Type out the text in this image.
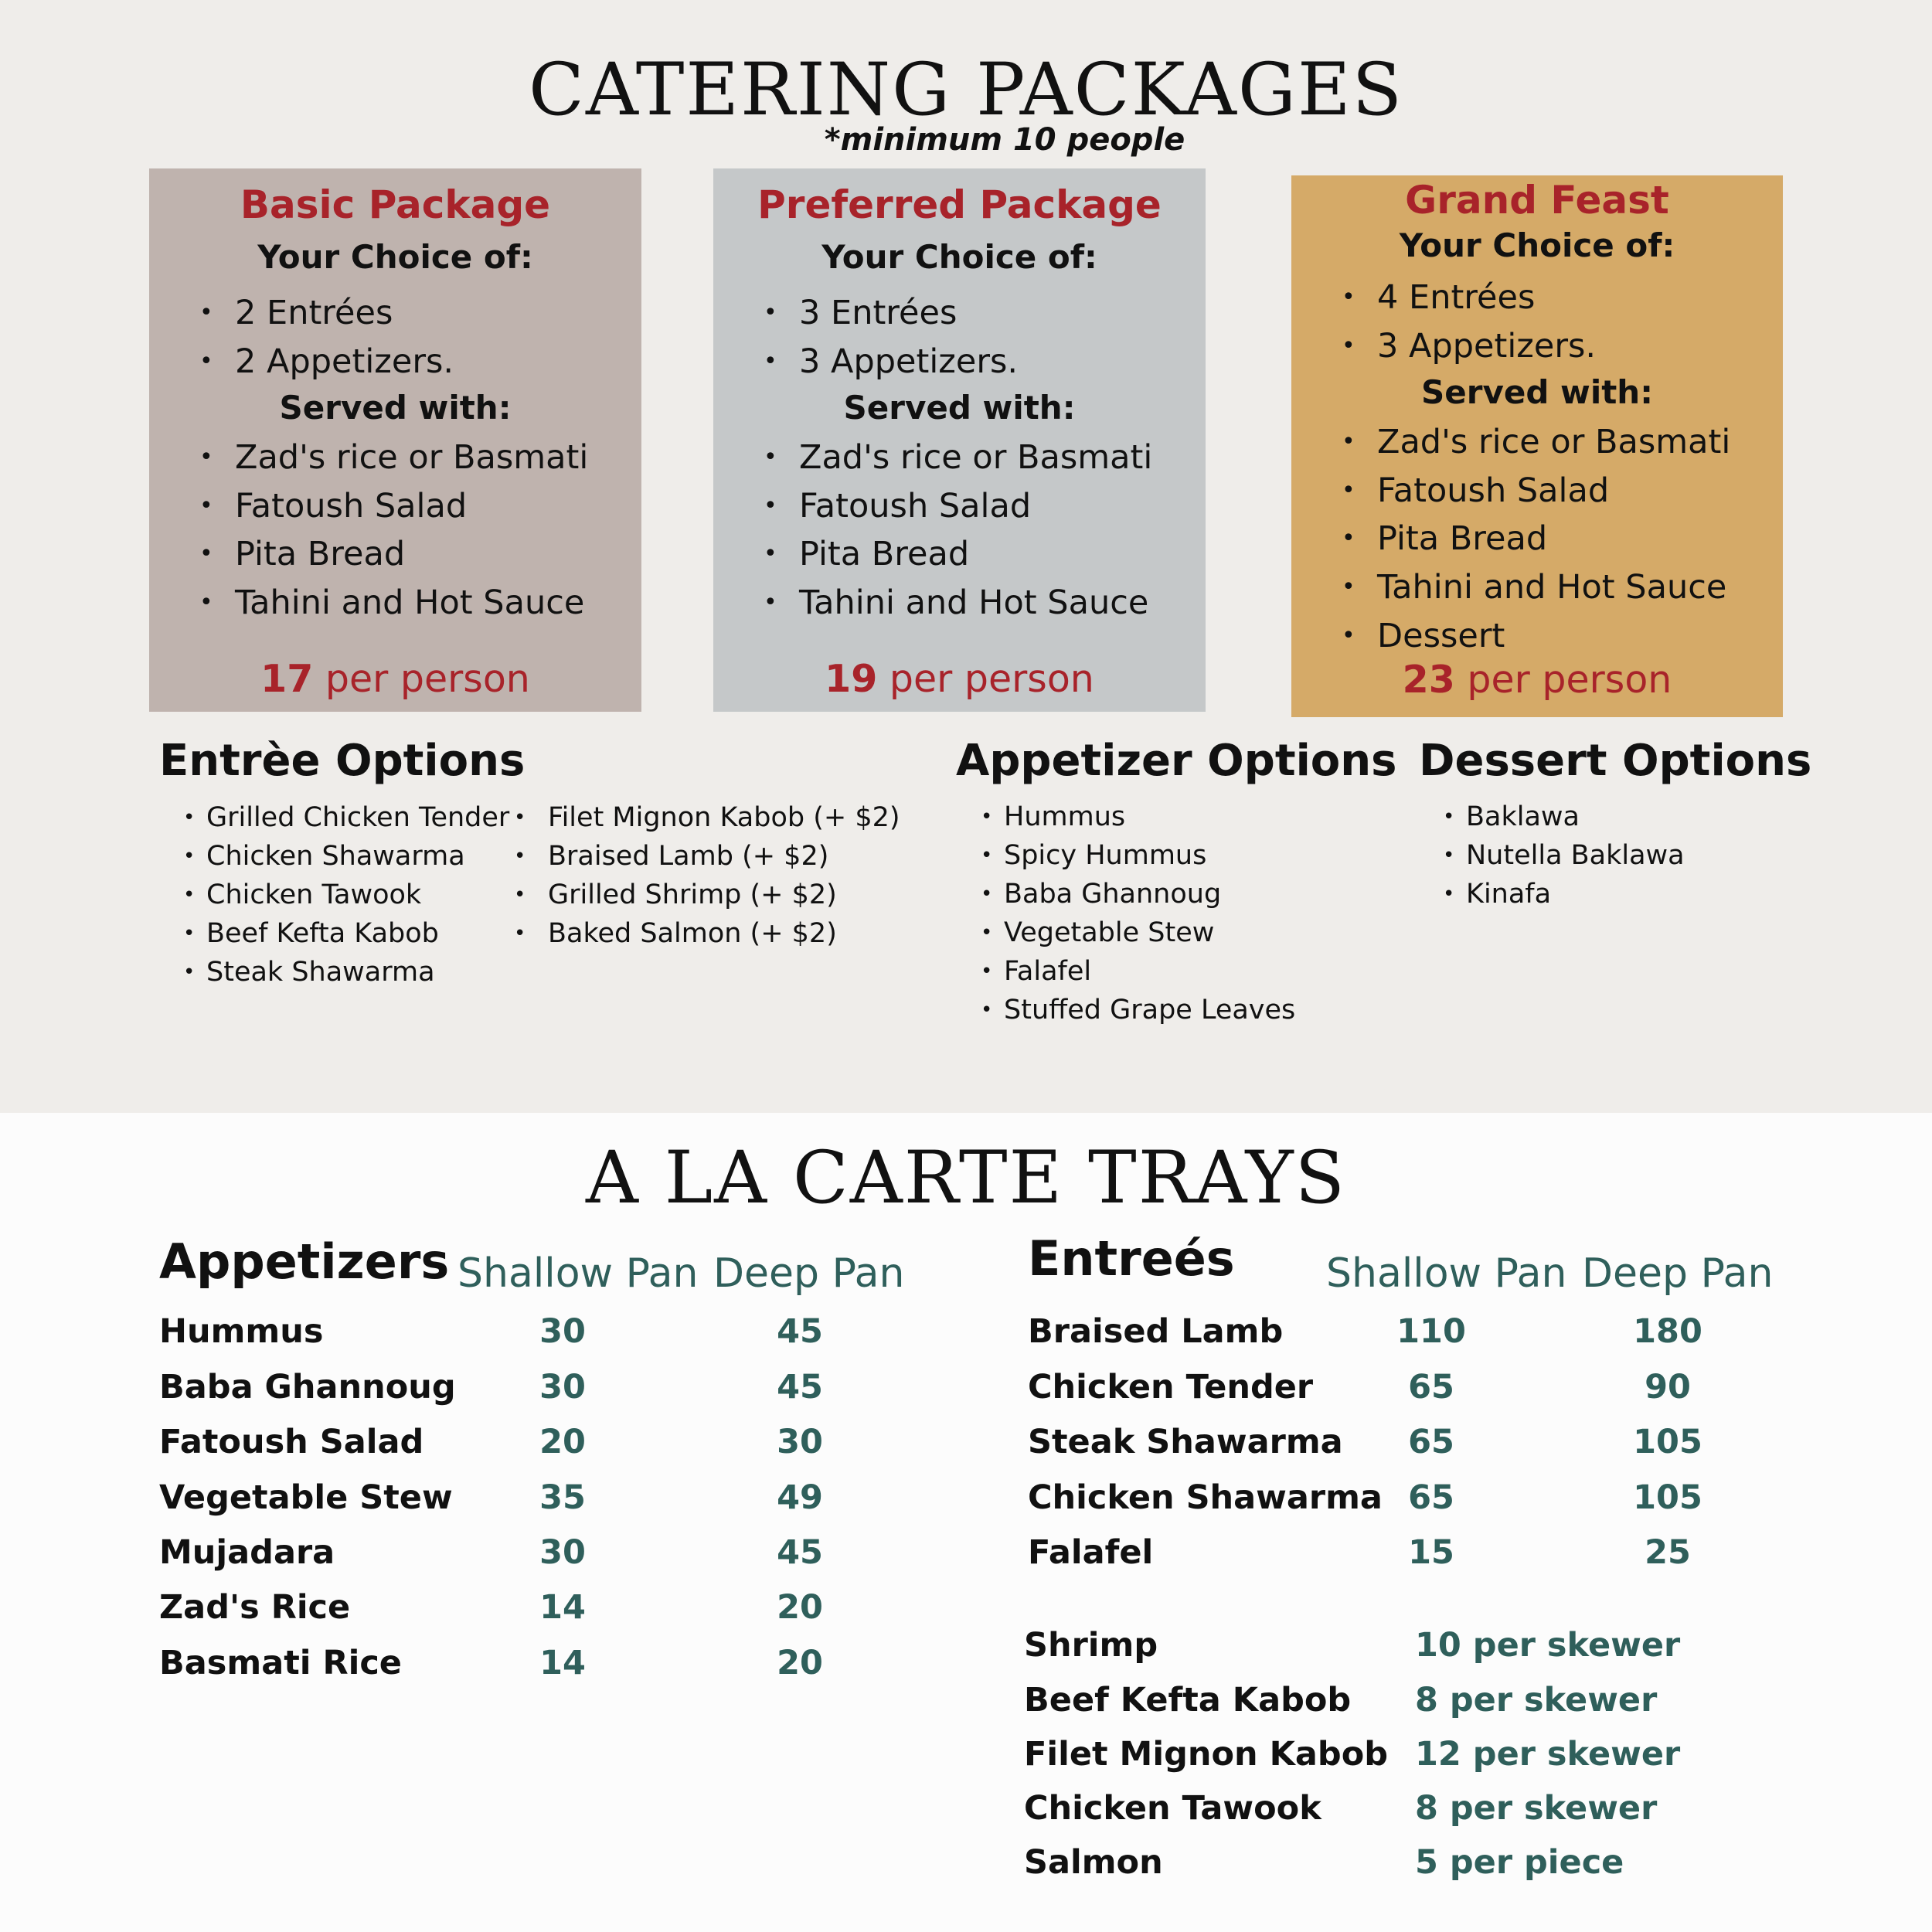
CATERING PACKAGES
*minimum 10 people
Basic Package
Your Choice of:
• 2 Entrées
• 2 Appetizers.
Served with:
• Zad's rice or Basmati
• Fatoush Salad
• Pita Bread
• Tahini and Hot Sauce
17 per person
Preferred Package
Your Choice of:
• 3 Entrées
• 3 Appetizers.
Served with:
• Zad's rice or Basmati
• Fatoush Salad
• Pita Bread
• Tahini and Hot Sauce
19 per person
Grand Feast
Your Choice of:
• 4 Entrées
• 3 Appetizers.
Served with:
• Zad's rice or Basmati
• Fatoush Salad
• Pita Bread
• Tahini and Hot Sauce
• Dessert
23 per person
Entrèe Options
• Grilled Chicken Tender
• Chicken Shawarma
• Chicken Tawook
• Beef Kefta Kabob
• Steak Shawarma
• Filet Mignon Kabob (+ $2)
• Braised Lamb (+ $2)
• Grilled Shrimp (+ $2)
• Baked Salmon (+ $2)
Appetizer Options
• Hummus
• Spicy Hummus
• Baba Ghannoug
• Vegetable Stew
• Falafel
• Stuffed Grape Leaves
Dessert Options
• Baklawa
• Nutella Baklawa
• Kinafa
A LA CARTE TRAYS
Appetizers Shallow Pan Deep Pan
Hummus	30	45
Baba Ghannoug	30	45
Fatoush Salad	20	30
Vegetable Stew	35	49
Mujadara	30	45
Zad's Rice	14	20
Basmati Rice	14	20
Entreés Shallow Pan Deep Pan
Braised Lamb	110	180
Chicken Tender	65	90
Steak Shawarma	65	105
Chicken Shawarma 65	105
Falafel	15	25
Shrimp	10 per skewer
Beef Kefta Kabob 8 per skewer
Filet Mignon Kabob 12 per skewer
Chicken Tawook	8 per skewer
Salmon	5 per piece
